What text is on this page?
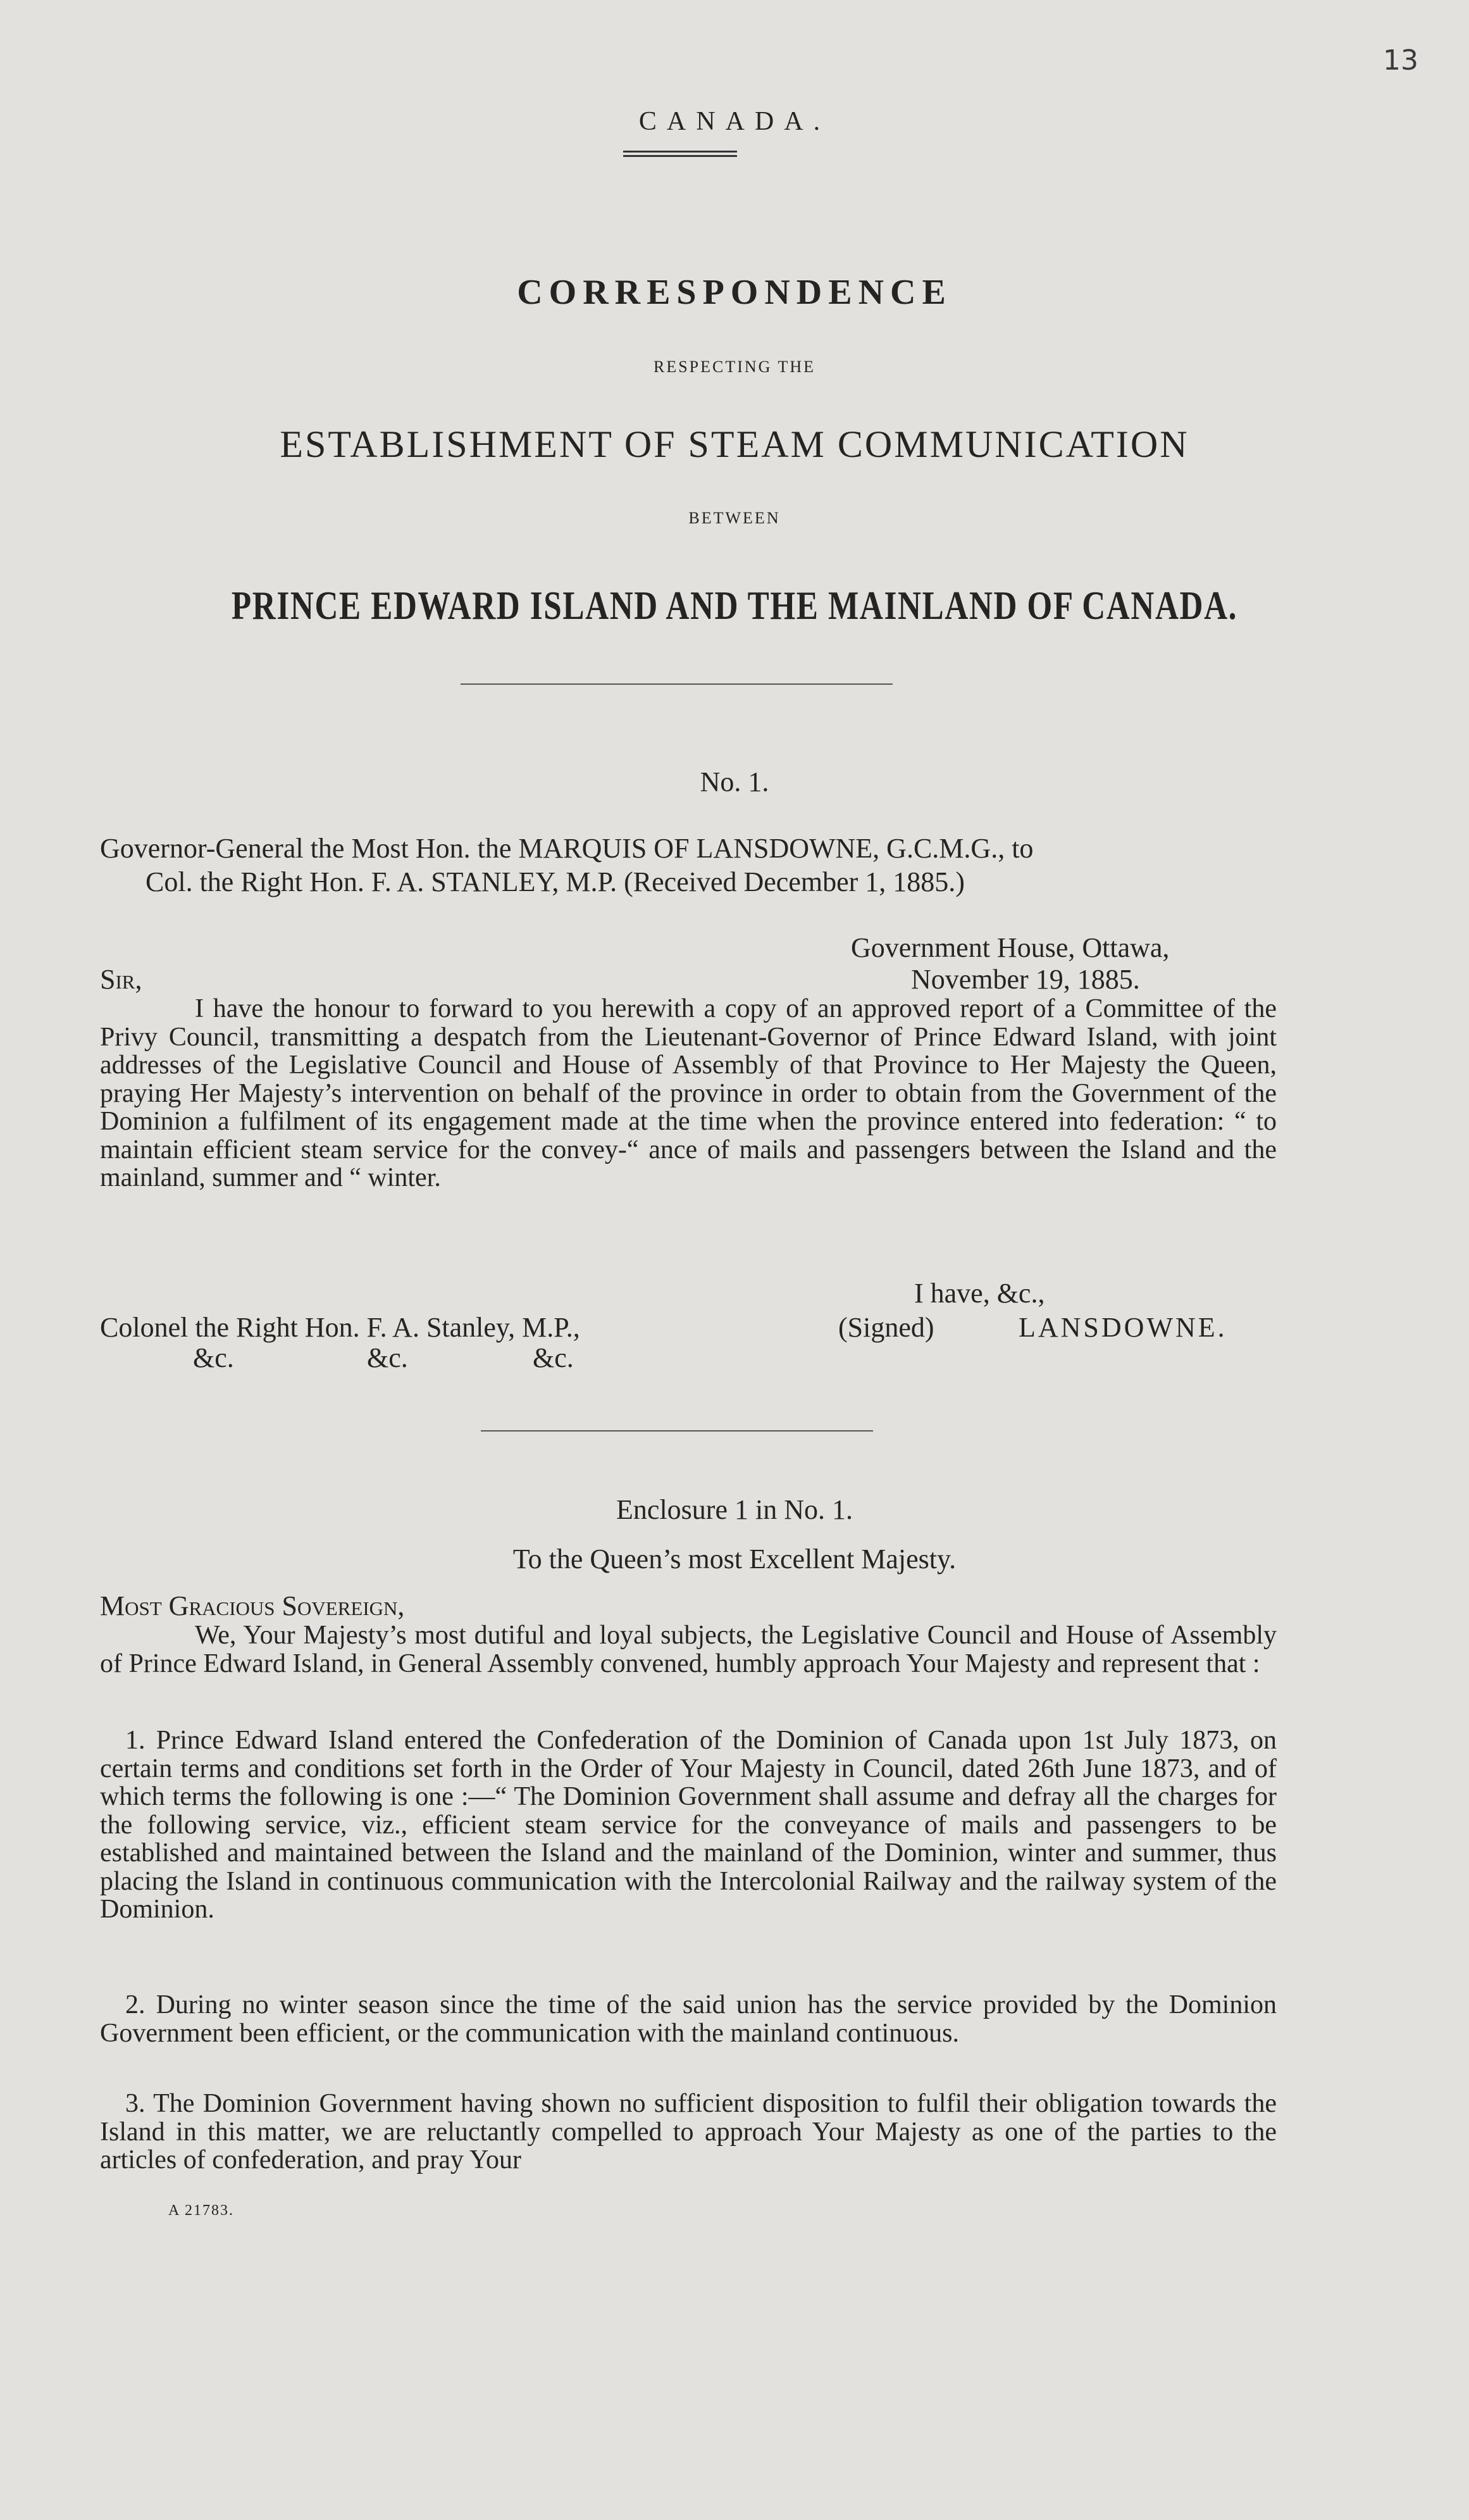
13
CANADA.
CORRESPONDENCE
RESPECTING THE
ESTABLISHMENT OF STEAM COMMUNICATION
BETWEEN
PRINCE EDWARD ISLAND AND THE MAINLAND OF CANADA.
No. 1.
Governor-General the Most Hon. the MARQUIS OF LANSDOWNE, G.C.M.G., to
Col. the Right Hon. F. A. STANLEY, M.P. (Received December 1, 1885.)
Government House, Ottawa,
Sir,	November 19, 1885.
I have the honour to forward to you herewith a copy of an approved report of a Committee of the Privy Council, transmitting a despatch from the Lieutenant-Governor of Prince Edward Island, with joint addresses of the Legislative Council and House of Assembly of that Province to Her Majesty the Queen, praying Her Majesty’s intervention on behalf of the province in order to obtain from the Government of the Dominion a fulfilment of its engagement made at the time when the province entered into federation: “ to maintain efficient steam service for the convey-“ ance of mails and passengers between the Island and the mainland, summer and “ winter.
I have, &c.,
Colonel the Right Hon. F. A. Stanley, M.P.,	(Signed)	LANSDOWNE.
&c.	&c.	&c.
Enclosure 1 in No. 1.
To the Queen’s most Excellent Majesty.
Most Gracious Sovereign,
We, Your Majesty’s most dutiful and loyal subjects, the Legislative Council and House of Assembly of Prince Edward Island, in General Assembly convened, humbly approach Your Majesty and represent that :
1. Prince Edward Island entered the Confederation of the Dominion of Canada upon 1st July 1873, on certain terms and conditions set forth in the Order of Your Majesty in Council, dated 26th June 1873, and of which terms the following is one :—“ The Dominion Government shall assume and defray all the charges for the following service, viz., efficient steam service for the conveyance of mails and passengers to be established and maintained between the Island and the mainland of the Dominion, winter and summer, thus placing the Island in continuous communication with the Intercolonial Railway and the railway system of the Dominion.
2. During no winter season since the time of the said union has the service provided by the Dominion Government been efficient, or the communication with the mainland continuous.
3. The Dominion Government having shown no sufficient disposition to fulfil their obligation towards the Island in this matter, we are reluctantly compelled to approach Your Majesty as one of the parties to the articles of confederation, and pray Your
A 21783.
